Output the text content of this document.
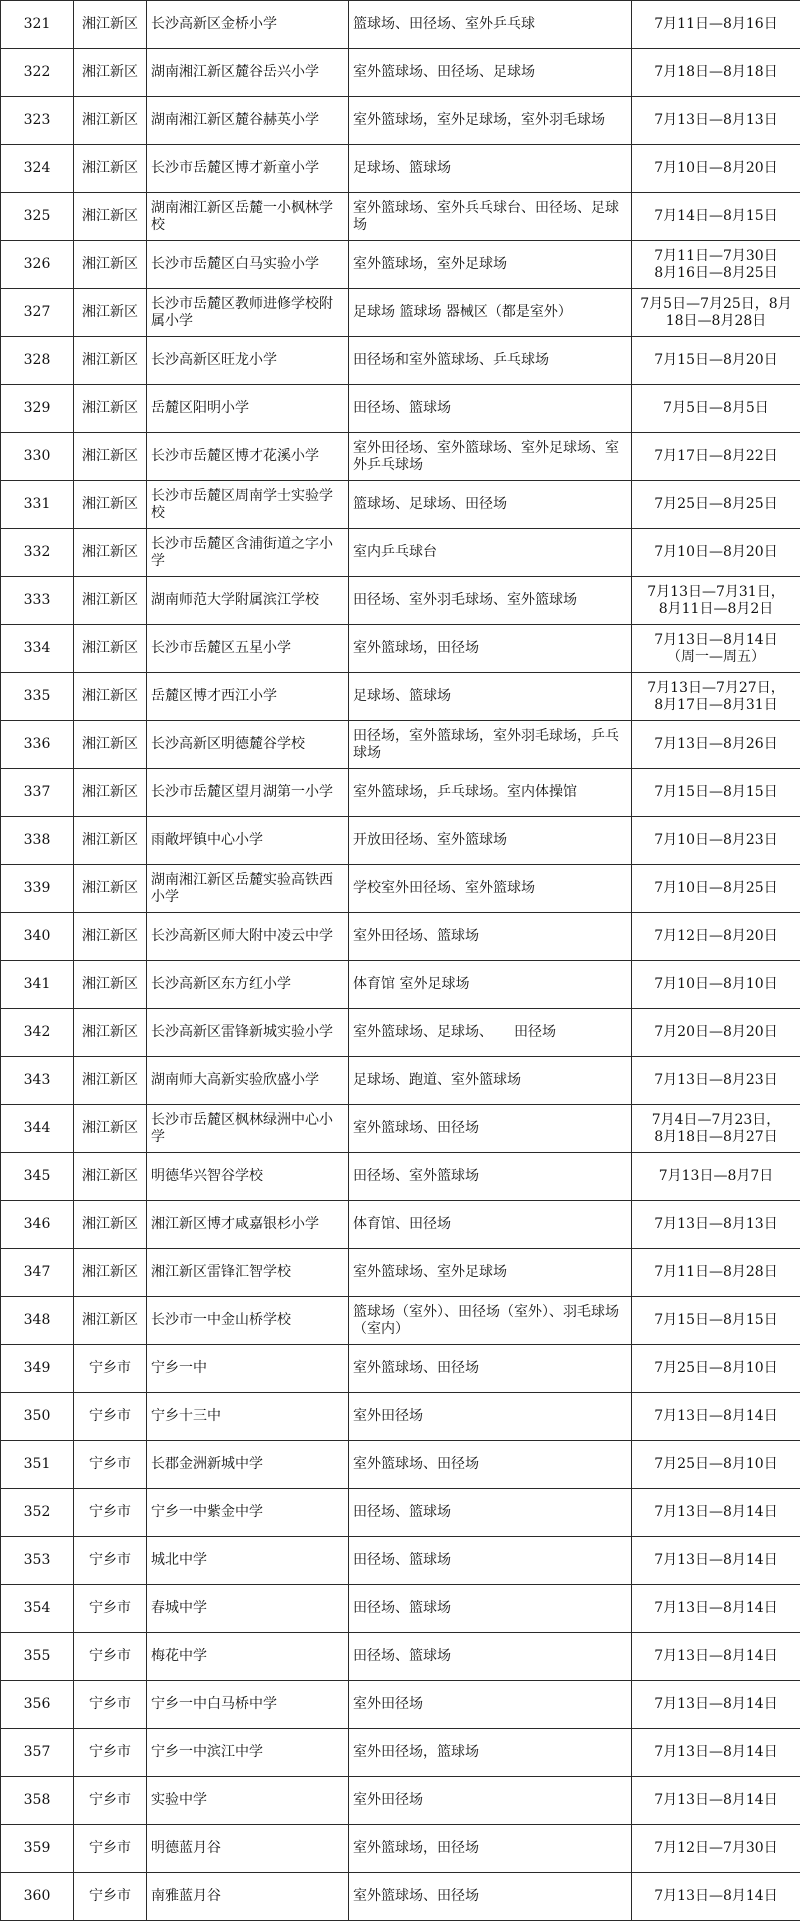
321	湘江新区	长沙高新区金桥小学	篮球场、田径场、室外乒乓球	7月11日—8月16日
322	湘江新区	湖南湘江新区麓谷岳兴小学	室外篮球场、田径场、足球场	7月18日—8月18日
323	湘江新区	湖南湘江新区麓谷赫英小学	室外篮球场，室外足球场，室外羽毛球场	7月13日—8月13日
324	湘江新区	长沙市岳麓区博才新童小学	足球场、篮球场	7月10日—8月20日
325	湘江新区	湖南湘江新区岳麓一小枫林学校	室外篮球场、室外兵乓球台、田径场、足球场	7月14日—8月15日
326	湘江新区	长沙市岳麓区白马实验小学	室外篮球场，室外足球场	7月11日—7月30日
8月16日—8月25日
327	湘江新区	长沙市岳麓区教师进修学校附属小学	足球场 篮球场 器械区（都是室外）	7月5日—7月25日，8月18日—8月28日
328	湘江新区	长沙高新区旺龙小学	田径场和室外篮球场、乒乓球场	7月15日—8月20日
329	湘江新区	岳麓区阳明小学	田径场、篮球场	7月5日—8月5日
330	湘江新区	长沙市岳麓区博才花溪小学	室外田径场、室外篮球场、室外足球场、室外乒乓球场	7月17日—8月22日
331	湘江新区	长沙市岳麓区周南学士实验学校	篮球场、足球场、田径场	7月25日—8月25日
332	湘江新区	长沙市岳麓区含浦街道之字小学	室内乒乓球台	7月10日—8月20日
333	湘江新区	湖南师范大学附属滨江学校	田径场、室外羽毛球场、室外篮球场	7月13日—7月31日，
8月11日—8月2日
334	湘江新区	长沙市岳麓区五星小学	室外篮球场，田径场	7月13日—8月14日
（周一—周五）
335	湘江新区	岳麓区博才西江小学	足球场、篮球场	7月13日—7月27日，
8月17日—8月31日
336	湘江新区	长沙高新区明德麓谷学校	田径场，室外篮球场，室外羽毛球场，乒乓球场	7月13日—8月26日
337	湘江新区	长沙市岳麓区望月湖第一小学	室外篮球场，乒乓球场。室内体操馆	7月15日—8月15日
338	湘江新区	雨敞坪镇中心小学	开放田径场、室外篮球场	7月10日—8月23日
339	湘江新区	湖南湘江新区岳麓实验高铁西小学	学校室外田径场、室外篮球场	7月10日—8月25日
340	湘江新区	长沙高新区师大附中凌云中学	室外田径场、篮球场	7月12日—8月20日
341	湘江新区	长沙高新区东方红小学	体育馆 室外足球场	7月10日—8月10日
342	湘江新区	长沙高新区雷锋新城实验小学	室外篮球场、足球场、　　田径场	7月20日—8月20日
343	湘江新区	湖南师大高新实验欣盛小学	足球场、跑道、室外篮球场	7月13日—8月23日
344	湘江新区	长沙市岳麓区枫林绿洲中心小学	室外篮球场、田径场	7月4日—7月23日，
8月18日—8月27日
345	湘江新区	明德华兴智谷学校	田径场、室外篮球场	7月13日—8月7日
346	湘江新区	湘江新区博才咸嘉银杉小学	体育馆、田径场	7月13日—8月13日
347	湘江新区	湘江新区雷锋汇智学校	室外篮球场、室外足球场	7月11日—8月28日
348	湘江新区	长沙市一中金山桥学校	篮球场（室外）、田径场（室外）、羽毛球场（室内）	7月15日—8月15日
349	宁乡市	宁乡一中	室外篮球场、田径场	7月25日—8月10日
350	宁乡市	宁乡十三中	室外田径场	7月13日—8月14日
351	宁乡市	长郡金洲新城中学	室外篮球场、田径场	7月25日—8月10日
352	宁乡市	宁乡一中紫金中学	田径场、篮球场	7月13日—8月14日
353	宁乡市	城北中学	田径场、篮球场	7月13日—8月14日
354	宁乡市	春城中学	田径场、篮球场	7月13日—8月14日
355	宁乡市	梅花中学	田径场、篮球场	7月13日—8月14日
356	宁乡市	宁乡一中白马桥中学	室外田径场	7月13日—8月14日
357	宁乡市	宁乡一中滨江中学	室外田径场，篮球场	7月13日—8月14日
358	宁乡市	实验中学	室外田径场	7月13日—8月14日
359	宁乡市	明德蓝月谷	室外篮球场，田径场	7月12日—7月30日
360	宁乡市	南雅蓝月谷	室外篮球场、田径场	7月13日—8月14日
